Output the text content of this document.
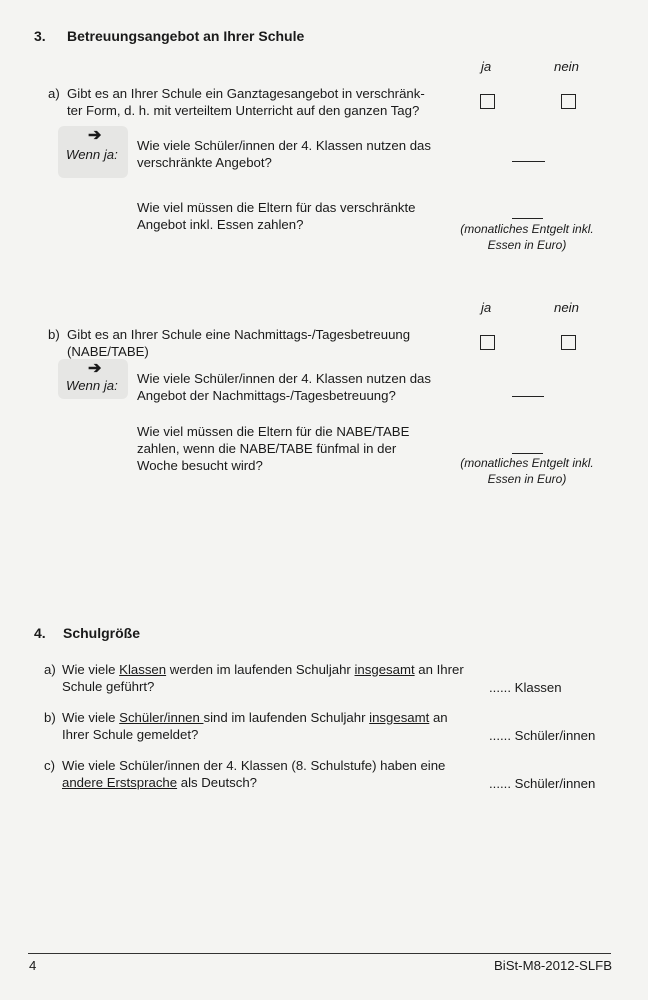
3. Betreuungsangebot an Ihrer Schule
ja	nein
a) Gibt es an Ihrer Schule ein Ganztagesangebot in verschränk-
ter Form, d. h. mit verteiltem Unterricht auf den ganzen Tag?
➔
Wenn ja:
Wie viele Schüler/innen der 4. Klassen nutzen das
verschränkte Angebot?
Wie viel müssen die Eltern für das verschränkte
Angebot inkl. Essen zahlen?	(monatliches Entgelt inkl.
Essen in Euro)
ja	nein
b) Gibt es an Ihrer Schule eine Nachmittags-/Tagesbetreuung
(NABE/TABE)
➔
Wenn ja: Wie viele Schüler/innen der 4. Klassen nutzen das
Angebot der Nachmittags-/Tagesbetreuung?
Wie viel müssen die Eltern für die NABE/TABE
zahlen, wenn die NABE/TABE fünfmal in der
Woche besucht wird?	(monatliches Entgelt inkl.
Essen in Euro)
4. Schulgröße
a) Wie viele Klassen werden im laufenden Schuljahr insgesamt an Ihrer
Schule geführt?	...... Klassen
b) Wie viele Schüler/innen sind im laufenden Schuljahr insgesamt an
Ihrer Schule gemeldet?	...... Schüler/innen
c) Wie viele Schüler/innen der 4. Klassen (8. Schulstufe) haben eine
andere Erstsprache als Deutsch?	...... Schüler/innen
4	BiSt-M8-2012-SLFB
